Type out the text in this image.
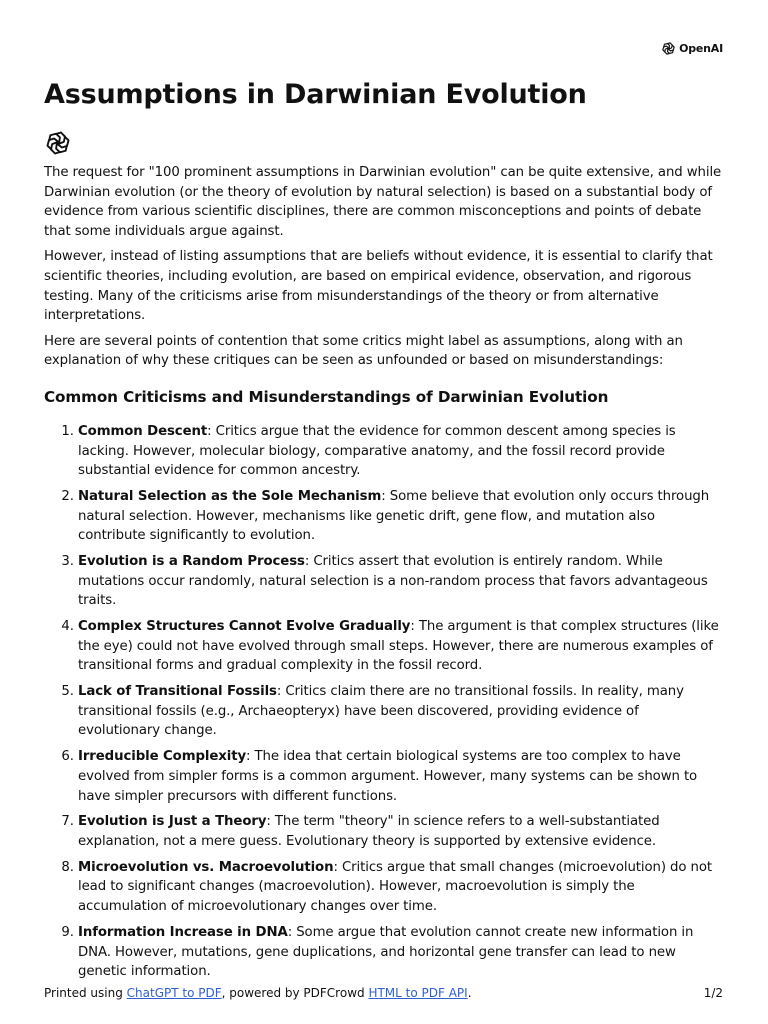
OpenAI
Assumptions in Darwinian Evolution

The request for "100 prominent assumptions in Darwinian evolution" can be quite extensive, and while Darwinian evolution (or the theory of evolution by natural selection) is based on a substantial body of evidence from various scientific disciplines, there are common misconceptions and points of debate that some individuals argue against.

However, instead of listing assumptions that are beliefs without evidence, it is essential to clarify that scientific theories, including evolution, are based on empirical evidence, observation, and rigorous testing. Many of the criticisms arise from misunderstandings of the theory or from alternative interpretations.

Here are several points of contention that some critics might label as assumptions, along with an explanation of why these critiques can be seen as unfounded or based on misunderstandings:

Common Criticisms and Misunderstandings of Darwinian Evolution
1. Common Descent: Critics argue that the evidence for common descent among species is lacking. However, molecular biology, comparative anatomy, and the fossil record provide substantial evidence for common ancestry.
2. Natural Selection as the Sole Mechanism: Some believe that evolution only occurs through natural selection. However, mechanisms like genetic drift, gene flow, and mutation also contribute significantly to evolution.
3. Evolution is a Random Process: Critics assert that evolution is entirely random. While mutations occur randomly, natural selection is a non-random process that favors advantageous traits.
4. Complex Structures Cannot Evolve Gradually: The argument is that complex structures (like the eye) could not have evolved through small steps. However, there are numerous examples of transitional forms and gradual complexity in the fossil record.
5. Lack of Transitional Fossils: Critics claim there are no transitional fossils. In reality, many transitional fossils (e.g., Archaeopteryx) have been discovered, providing evidence of evolutionary change.
6. Irreducible Complexity: The idea that certain biological systems are too complex to have evolved from simpler forms is a common argument. However, many systems can be shown to have simpler precursors with different functions.
7. Evolution is Just a Theory: The term "theory" in science refers to a well-substantiated explanation, not a mere guess. Evolutionary theory is supported by extensive evidence.
8. Microevolution vs. Macroevolution: Critics argue that small changes (microevolution) do not lead to significant changes (macroevolution). However, macroevolution is simply the accumulation of microevolutionary changes over time.
9. Information Increase in DNA: Some argue that evolution cannot create new information in DNA. However, mutations, gene duplications, and horizontal gene transfer can lead to new genetic information.
Printed using ChatGPT to PDF, powered by PDFCrowd HTML to PDF API.	1/2
